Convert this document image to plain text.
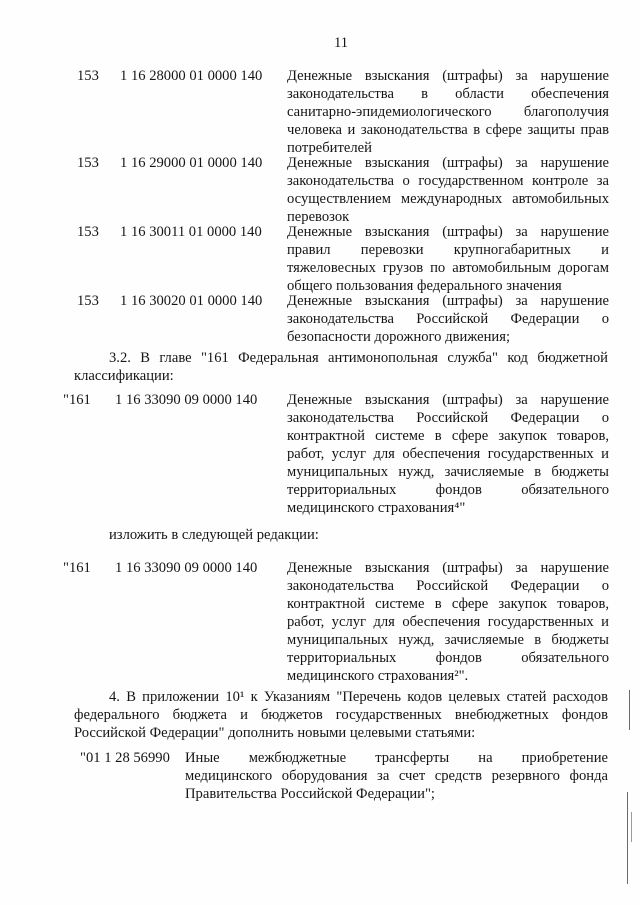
11
153 1 16 28000 01 0000 140 Денежные взыскания (штрафы) за нарушение
законодательства в области обеспечения
санитарно-эпидемиологического благополучия
человека и законодательства в сфере защиты прав
потребителей
153 1 16 29000 01 0000 140 Денежные взыскания (штрафы) за нарушение
законодательства о государственном контроле за
осуществлением международных автомобильных
перевозок
153 1 16 30011 01 0000 140 Денежные взыскания (штрафы) за нарушение
правил перевозки крупногабаритных и
тяжеловесных грузов по автомобильным дорогам
общего пользования федерального значения
153 1 16 30020 01 0000 140 Денежные взыскания (штрафы) за нарушение
законодательства Российской Федерации о
безопасности дорожного движения;
3.2. В главе "161 Федеральная антимонопольная служба" код бюджетной
классификации:
"161 1 16 33090 09 0000 140 Денежные взыскания (штрафы) за нарушение
законодательства Российской Федерации о
контрактной системе в сфере закупок товаров,
работ, услуг для обеспечения государственных и
муниципальных нужд, зачисляемые в бюджеты
территориальных фондов обязательного
медицинского страхования⁴"
изложить в следующей редакции:
"161 1 16 33090 09 0000 140 Денежные взыскания (штрафы) за нарушение
законодательства Российской Федерации о
контрактной системе в сфере закупок товаров,
работ, услуг для обеспечения государственных и
муниципальных нужд, зачисляемые в бюджеты
территориальных фондов обязательного
медицинского страхования²".
4. В приложении 10¹ к Указаниям "Перечень кодов целевых статей расходов
федерального бюджета и бюджетов государственных внебюджетных фондов
Российской Федерации" дополнить новыми целевыми статьями:
"01 1 28 56990 Иные межбюджетные трансферты на приобретение
медицинского оборудования за счет средств резервного фонда
Правительства Российской Федерации";
